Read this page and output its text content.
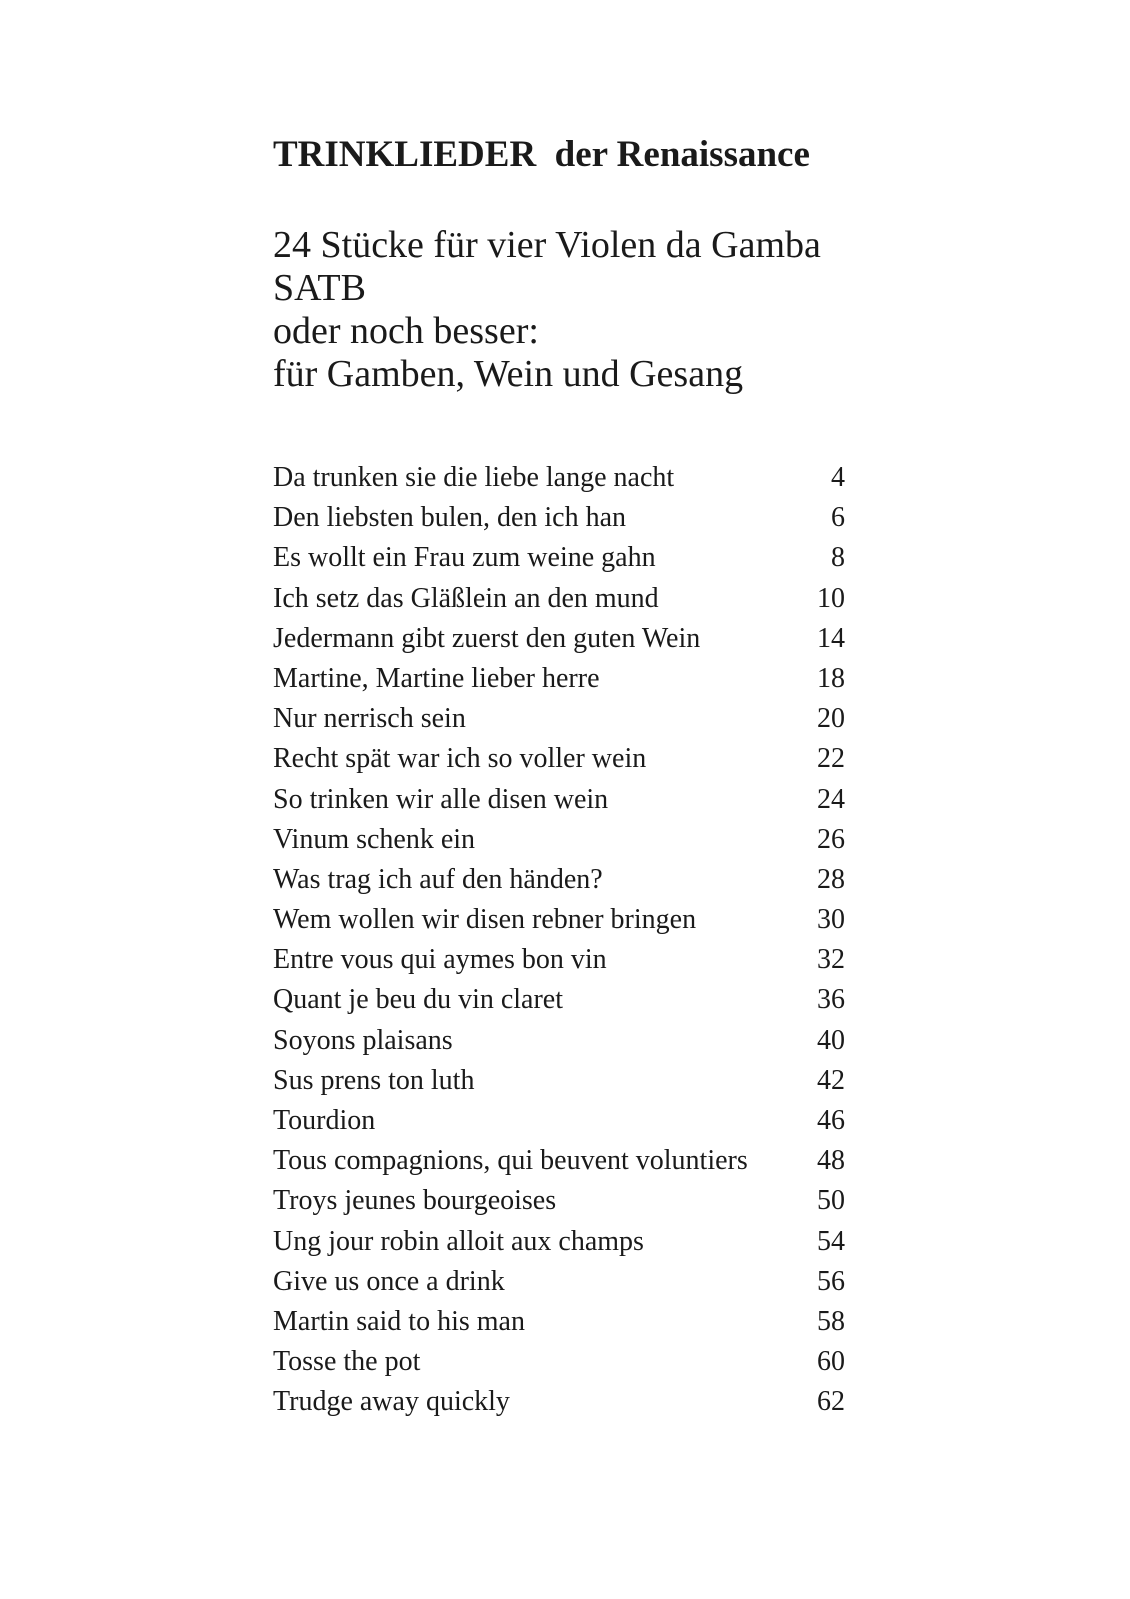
TRINKLIEDER  der Renaissance
24 Stücke für vier Violen da Gamba
SATB
oder noch besser:
für Gamben, Wein und Gesang
Da trunken sie die liebe lange nacht	4
Den liebsten bulen, den ich han	6
Es wollt ein Frau zum weine gahn	8
Ich setz das Gläßlein an den mund	10
Jedermann gibt zuerst den guten Wein	14
Martine, Martine lieber herre	18
Nur nerrisch sein	20
Recht spät war ich so voller wein	22
So trinken wir alle disen wein	24
Vinum schenk ein	26
Was trag ich auf den händen?	28
Wem wollen wir disen rebner bringen	30
Entre vous qui aymes bon vin	32
Quant je beu du vin claret	36
Soyons plaisans	40
Sus prens ton luth	42
Tourdion	46
Tous compagnions, qui beuvent voluntiers	48
Troys jeunes bourgeoises	50
Ung jour robin alloit aux champs	54
Give us once a drink	56
Martin said to his man	58
Tosse the pot	60
Trudge away quickly	62
